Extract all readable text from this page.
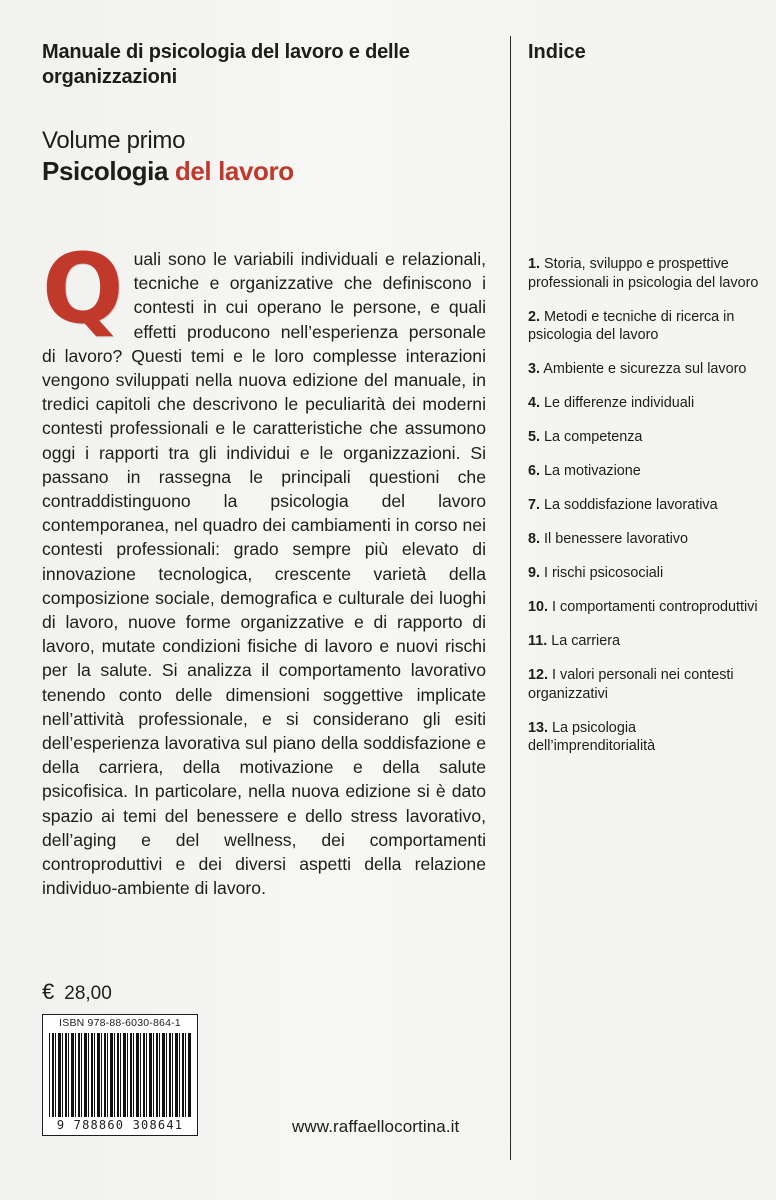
Manuale di psicologia del lavoro e delle organizzazioni
Volume primo
Psicologia del lavoro

Quali sono le variabili individuali e relazionali, tecniche e organizzative che definiscono i contesti in cui operano le persone, e quali effetti producono nell’esperienza personale di lavoro? Questi temi e le loro complesse interazioni vengono sviluppati nella nuova edizione del manuale, in tredici capitoli che descrivono le peculiarità dei moderni contesti professionali e le caratteristiche che assumono oggi i rapporti tra gli individui e le organizzazioni. Si passano in rassegna le principali questioni che contraddistinguono la psicologia del lavoro contemporanea, nel quadro dei cambiamenti in corso nei contesti professionali: grado sempre più elevato di innovazione tecnologica, crescente varietà della composizione sociale, demografica e culturale dei luoghi di lavoro, nuove forme organizzative e di rapporto di lavoro, mutate condizioni fisiche di lavoro e nuovi rischi per la salute. Si analizza il comportamento lavorativo tenendo conto delle dimensioni soggettive implicate nell’attività professionale, e si considerano gli esiti dell’esperienza lavorativa sul piano della soddisfazione e della carriera, della motivazione e della salute psicofisica. In particolare, nella nuova edizione si è dato spazio ai temi del benessere e dello stress lavorativo, dell’aging e del wellness, dei comportamenti controproduttivi e dei diversi aspetti della relazione individuo-ambiente di lavoro.

Indice
1. Storia, sviluppo e prospettive professionali in psicologia del lavoro
2. Metodi e tecniche di ricerca in psicologia del lavoro
3. Ambiente e sicurezza sul lavoro
4. Le differenze individuali
5. La competenza
6. La motivazione
7. La soddisfazione lavorativa
8. Il benessere lavorativo
9. I rischi psicosociali
10. I comportamenti controproduttivi
11. La carriera
12. I valori personali nei contesti organizzativi
13. La psicologia dell’imprenditorialità
€ 28,00
ISBN 978-88-6030-864-1
9 788860 308641	www.raffaellocortina.it
